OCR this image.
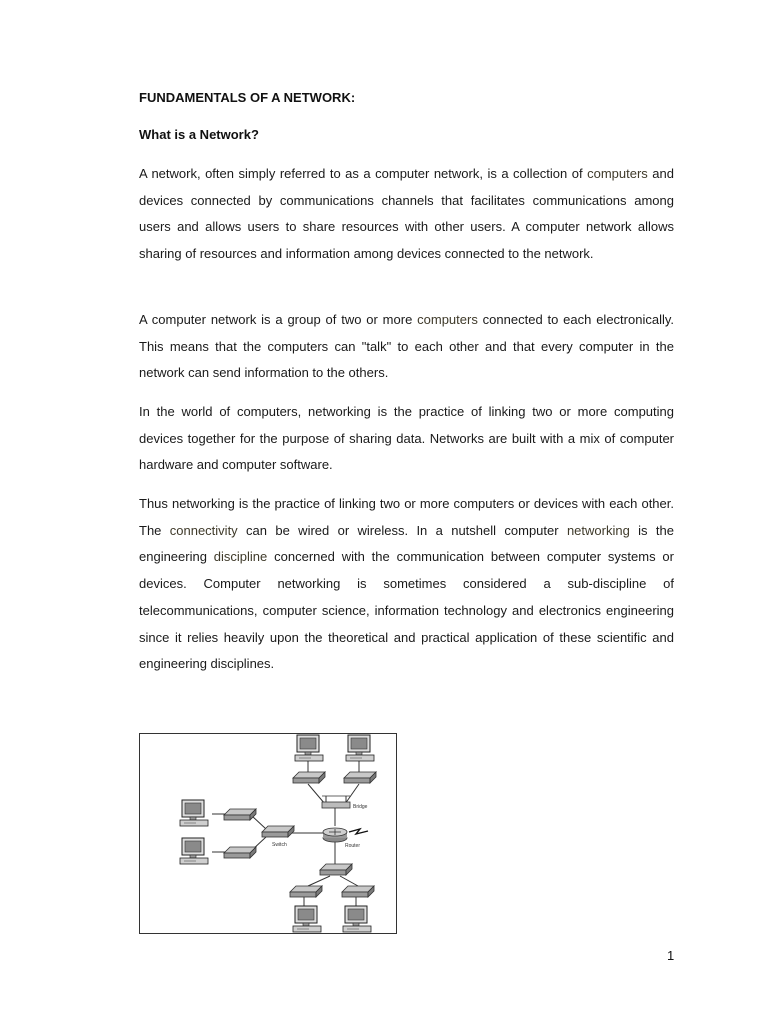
FUNDAMENTALS OF A NETWORK:

What is a Network?

A network, often simply referred to as a computer network, is a collection of computers and devices connected by communications channels that facilitates communications among users and allows users to share resources with other users. A computer network allows sharing of resources and information among devices connected to the network.

A computer network is a group of two or more computers connected to each electronically. This means that the computers can "talk" to each other and that every computer in the network can send information to the others.

In the world of computers, networking is the practice of linking two or more computing devices together for the purpose of sharing data. Networks are built with a mix of computer hardware and computer software.

Thus networking is the practice of linking two or more computers or devices with each other. The connectivity can be wired or wireless. In a nutshell computer networking is the engineering discipline concerned with the communication between computer systems or devices. Computer networking is sometimes considered a sub-discipline of telecommunications, computer science, information technology and electronics engineering since it relies heavily upon the theoretical and practical application of these scientific and engineering disciplines.

Bridge
Switch	Router
1
